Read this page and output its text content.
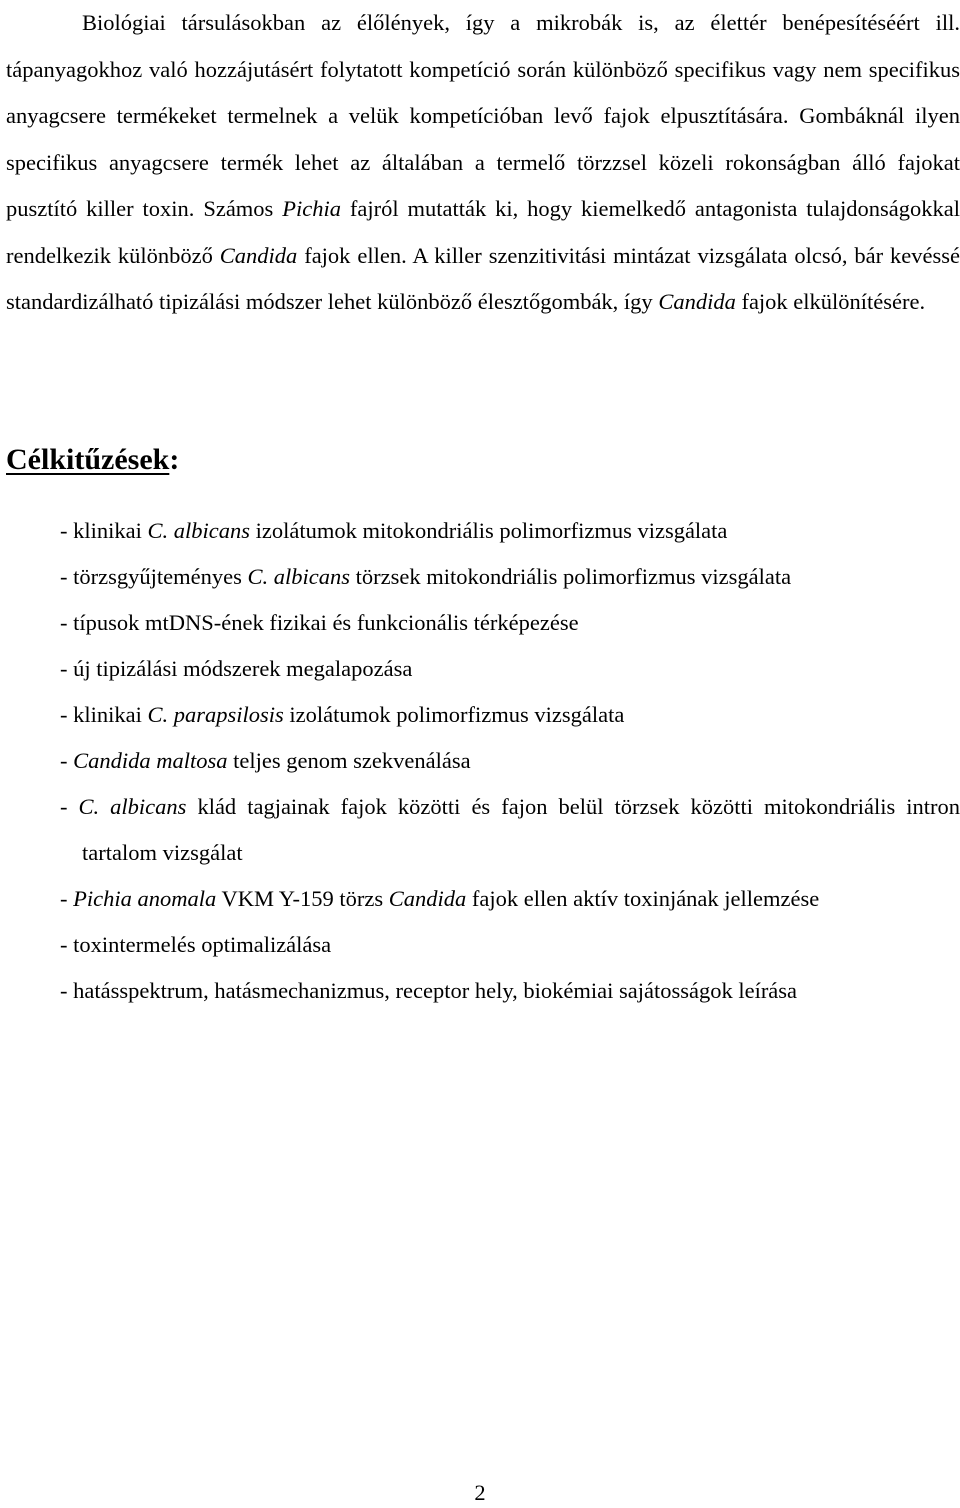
Biológiai társulásokban az élőlények, így a mikrobák is, az élettér benépesítéséért ill. tápanyagokhoz való hozzájutásért folytatott kompetíció során különböző specifikus vagy nem specifikus anyagcsere termékeket termelnek a velük kompetícióban levő fajok elpusztítására. Gombáknál ilyen specifikus anyagcsere termék lehet az általában a termelő törzzsel közeli rokonságban álló fajokat pusztító killer toxin. Számos Pichia fajról mutatták ki, hogy kiemelkedő antagonista tulajdonságokkal rendelkezik különböző Candida fajok ellen. A killer szenzitivitási mintázat vizsgálata olcsó, bár kevéssé standardizálható tipizálási módszer lehet különböző élesztőgombák, így Candida fajok elkülönítésére.

Célkitűzések:
- klinikai C. albicans izolátumok mitokondriális polimorfizmus vizsgálata
- törzsgyűjteményes C. albicans törzsek mitokondriális polimorfizmus vizsgálata
- típusok mtDNS-ének fizikai és funkcionális térképezése
- új tipizálási módszerek megalapozása
- klinikai C. parapsilosis izolátumok polimorfizmus vizsgálata
- Candida maltosa teljes genom szekvenálása
- C. albicans klád tagjainak fajok közötti és fajon belül törzsek közötti mitokondriális intron tartalom vizsgálat
- Pichia anomala VKM Y-159 törzs Candida fajok ellen aktív toxinjának jellemzése
- toxintermelés optimalizálása
- hatásspektrum, hatásmechanizmus, receptor hely, biokémiai sajátosságok leírása
2
